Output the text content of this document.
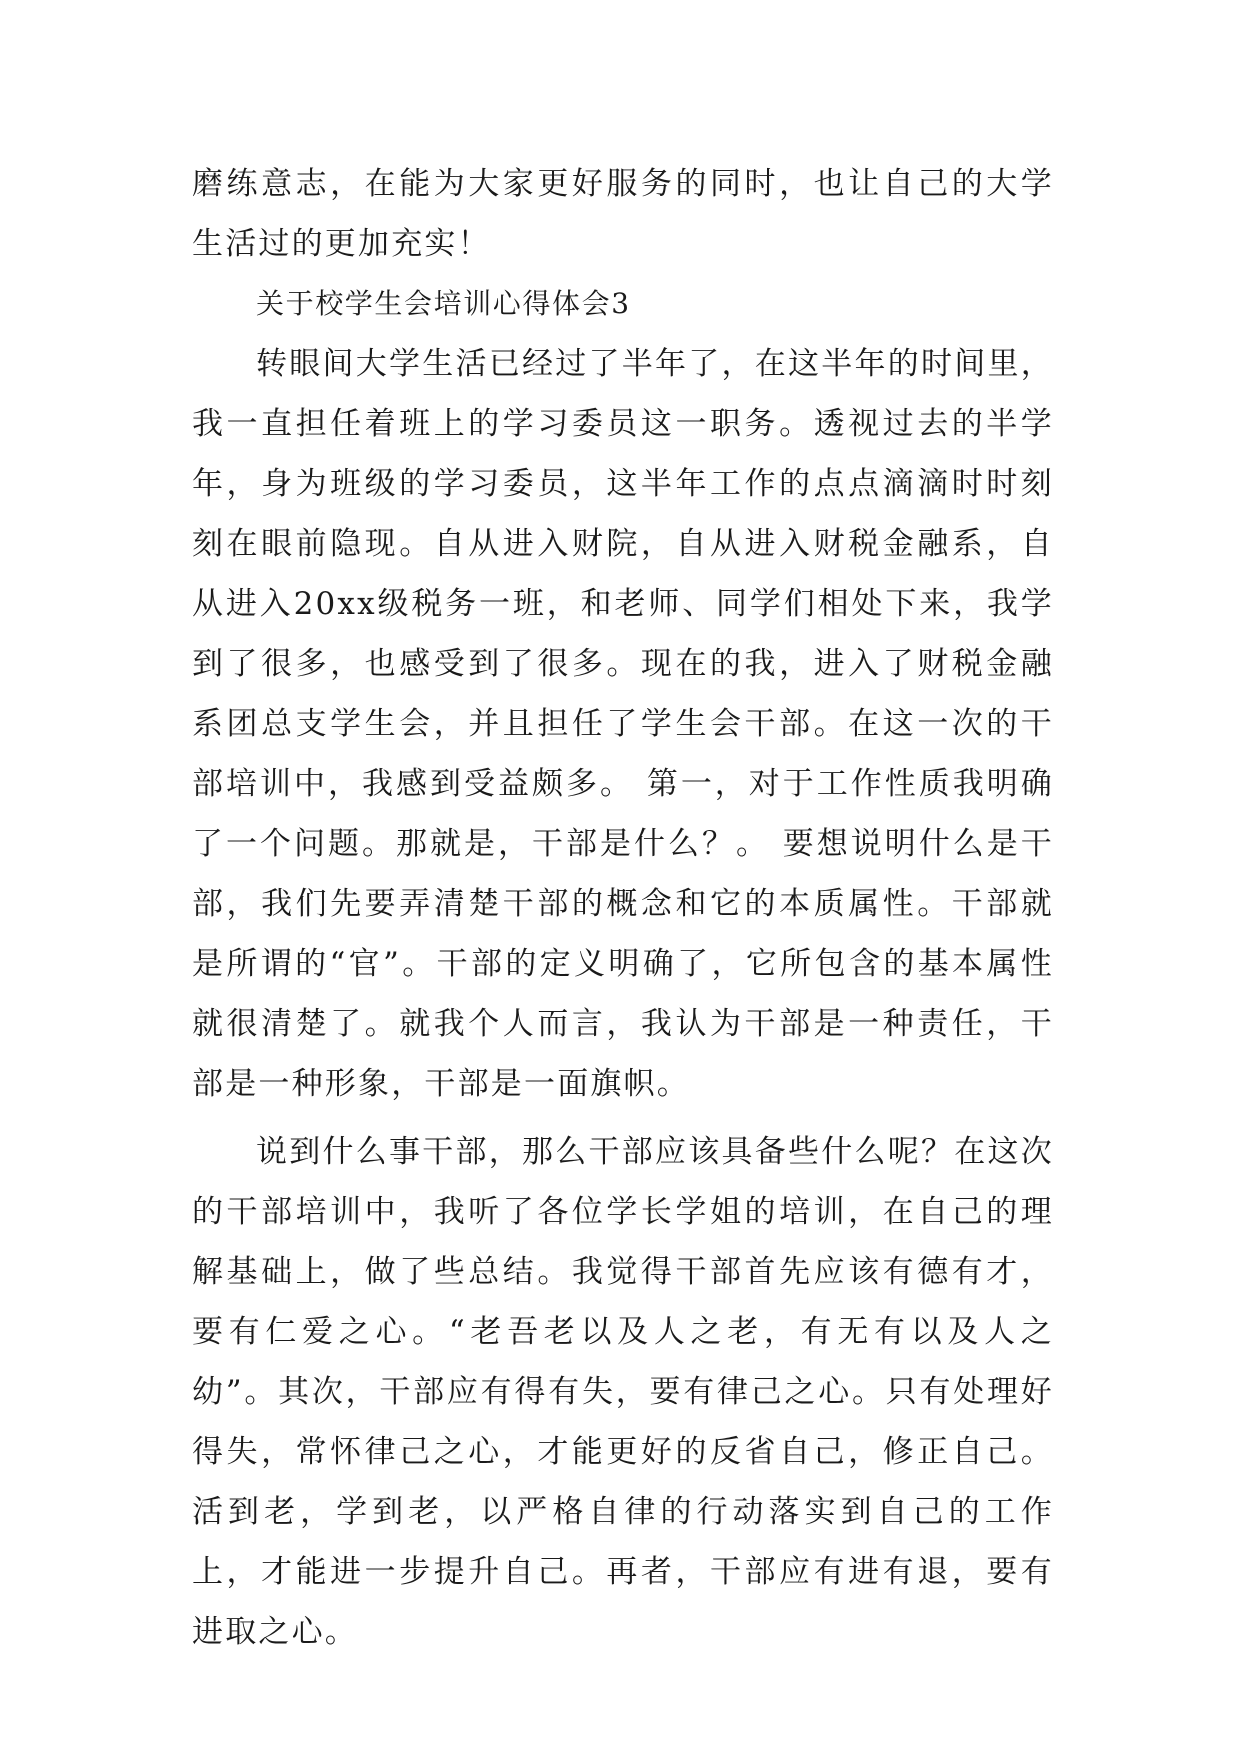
磨练意志，在能为大家更好服务的同时，也让自己的大学生活过的更加充实！

关于校学生会培训心得体会3

转眼间大学生活已经过了半年了，在这半年的时间里，我一直担任着班上的学习委员这一职务。透视过去的半学年，身为班级的学习委员，这半年工作的点点滴滴时时刻刻在眼前隐现。自从进入财院，自从进入财税金融系，自从进入20xx级税务一班，和老师、同学们相处下来，我学到了很多，也感受到了很多。现在的我，进入了财税金融系团总支学生会，并且担任了学生会干部。在这一次的干部培训中，我感到受益颇多。 第一，对于工作性质我明确了一个问题。那就是，干部是什么？。 要想说明什么是干部，我们先要弄清楚干部的概念和它的本质属性。干部就是所谓的“官”。干部的定义明确了，它所包含的基本属性就很清楚了。就我个人而言，我认为干部是一种责任，干部是一种形象，干部是一面旗帜。

说到什么事干部，那么干部应该具备些什么呢？在这次的干部培训中，我听了各位学长学姐的培训，在自己的理解基础上，做了些总结。我觉得干部首先应该有德有才，要有仁爱之心。“老吾老以及人之老，有无有以及人之幼”。其次，干部应有得有失，要有律己之心。只有处理好得失，常怀律己之心，才能更好的反省自己，修正自己。活到老，学到老，以严格自律的行动落实到自己的工作上，才能进一步提升自己。再者，干部应有进有退，要有进取之心。
